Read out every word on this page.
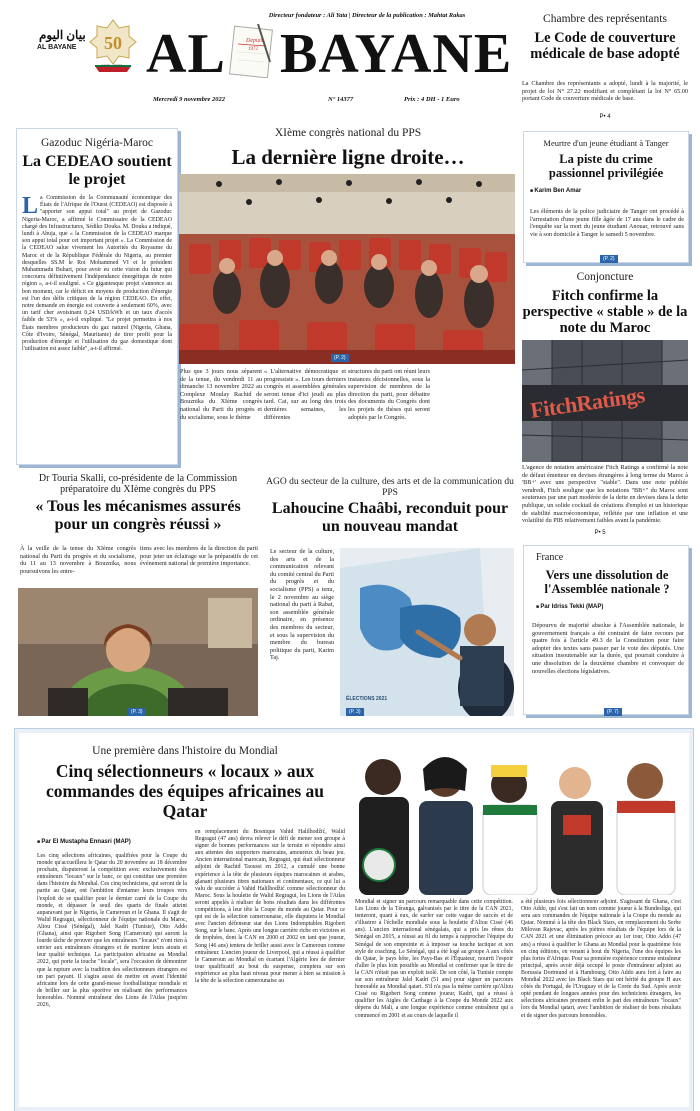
Directeur fondateur : Ali Yata | Directeur de la publication : Mahtat Rakas
بيان اليوم
AL BAYANE 50
1972 - 2022 AL	Depuis
1972 BAYANE
Mercredi 9 novembre 2022	N° 14377	Prix : 4 DH - 1 Euro
Chambre des représentants
Le Code de couverture médicale de base adopté
La Chambre des représentants a adopté, lundi à la majorité, le projet de loi N° 27.22 modifiant et complétant la loi N° 65.00 portant Code de couverture médicale de base.
P• 4
Gazoduc Nigéria-Maroc
La CEDEAO soutient le projet
La Commission de la Communauté économique des États de l'Afrique de l'Ouest (CEDEAO) est disposée à "apporter son appui total" au projet de Gazoduc Nigeria-Maroc, a affirmé le Commissaire de la CEDEAO chargé des Infrastructures, Sédiko Douka. M. Douka a indiqué, lundi à Abuja, que « la Commission de la CEDEAO marque son appui total pour cet important projet ». La Commission de la CEDEAO salue vivement les Autorités du Royaume du Maroc et de la République Fédérale du Nigeria, au premier desquelles SS.M le Roi Mohammed VI et le président Muhammadu Buhari, pour avoir eu cette vision du futur qui concourra définitivement l'indépendance énergétique de notre région », a-t-il souligné. « Ce gigantesque projet s'annonce au bon moment, car le déficit en moyens de production d'énergie est l'un des défis critiques de la région CEDEAO. En effet, notre demande en énergie est couverte à seulement 60%, avec un tarif cher avoisinant 0,24 USD/kWh et un taux d'accès faible de 53% », a-t-il expliqué. "Le projet permettra à nos États membres producteurs du gaz naturel (Nigeria, Ghana, Côte d'Ivoire, Sénégal, Mauritanie) de tirer profit pour la production d'énergie et l'utilisation du gaz domestique dont l'utilisation est assez faible", a-t-il affirmé.
XIème congrès national du PPS
La dernière ligne droite…
(P. 2)
Plus que 3 jours nous séparent de la tenue, du vendredi 11 au dimanche 13 novembre 2022 au Complexe Moulay Rachid de Bouznika du XIème congrès national du Parti du progrès et du socialisme, sous le thème
« L'alternative démocratique et progressiste ». Les tours derniers congrès et assemblées générales seront tenue d'ici jeudi au plus tard. Cat, sur au long des trois dernières semaines, les différentes
structures du parti ont réuni leurs instances décisionnelles, sous la supervision de membres de la direction du parti, pour débattre des documents du Congrès dont les projets de thèses qui seront adoptés par le Congrès.
Meurtre d'un jeune étudiant à Tanger
La piste du crime passionnel privilégiée
■ Karim Ben Amar
Les éléments de la police judiciaire de Tanger ont procédé à l'arrestation d'une jeune fille âgée de 17 ans dans le cadre de l'enquête sur la mort du jeune étudiant Anouar, retrouvé sans vie à son domicile à Tanger le samedi 5 novembre.
(P. 2)
Conjoncture
Fitch confirme la perspective « stable » de la note du Maroc
FitchRatings
L'agence de notation américaine Fitch Ratings a confirmé la note de défaut émetteur en devises étrangères à long terme du Maroc à 'BB+' avec une perspective "stable". Dans une note publiée vendredi, Fitch souligne que les notations "BB+" du Maroc sont soutenues par une part modérée de la dette en devises dans la dette publique, un solide cocktail de créations d'emploi et un historique de stabilité macroéconomique, reflétée par une inflation et une volatilité du PIB relativement faibles avant la pandémie.
P• 5
Dr Touria Skalli, co-présidente de la Commission préparatoire du XIème congrès du PPS
« Tous les mécanismes assurés pour un congrès réussi »
À la veille de la tenue du XIème congrès national du Parti du progrès et du socialisme, du 11 au 13 novembre à Bouznika, nous poursuivons les entre-
tiens avec les membres de la direction du parti pour jeter un éclairage sur la préparatifs de cet événement national de première importance.
(P. 3)
AGO du secteur de la culture, des arts et de la communication du PPS
Lahoucine Chaâbi, reconduit pour un nouveau mandat
Le secteur de la culture, des arts et de la communication relevant du comité central du Parti du progrès et du socialisme (PPS) a tenu, le 2 novembre au siège national du parti à Rabat, son assemblée générale ordinaire, en présence des membres du secteur, et sous la supervision du membre du bureau politique du parti, Karim Taj.
ÉLECTIONS 2021
(P. 3)
France
Vers une dissolution de l'Assemblée nationale ?
■ Par Idriss Tekki (MAP)
Dépourvu de majorité absolue à l'Assemblée nationale, le gouvernement français a été contraint de faire recours par quatre fois à l'article 49.3 de la Constitution pour faire adopter des textes sans passer par le vote des députés. Une situation insoutenable sur la durée, qui pourrait conduire à une dissolution de la deuxième chambre et convoquer de nouvelles élections législatives.
(P. 7)
Une première dans l'histoire du Mondial
Cinq sélectionneurs « locaux » aux commandes des équipes africaines au Qatar
■ Par El Mustapha Ennasri (MAP)
Les cinq sélections africaines, qualifiées pour la Coupe du monde qu'accueillera le Qatar du 20 novembre au 18 décembre prochain, disputeront la compétition avec exclusivement des entraîneurs "locaux" sur le banc, ce qui constitue une première dans l'histoire du Mondial. Ces cinq techniciens, qui seront de la partie au Qatar, ont l'ambition d'entamer leurs troupes vers l'exploit de se qualifier pour le dernier carré de la Coupe du monde, et dépasser le seuil des quarts de finale atteint auparavant par le Nigeria, le Cameroun et le Ghana. Il s'agit de Walid Regragui, sélectionneur de l'équipe nationale du Maroc, Aliou Cissé (Sénégal), Jalel Kadri (Tunisie), Otto Addo (Ghana), ainsi que Rigobert Song (Cameroun) qui auront la lourde tâche de prouver que les entraîneurs "locaux" n'ont rien à envier aux entraîneurs étrangers et de montrer leurs atouts et leur qualité technique. La participation africaine au Mondial 2022, qui porte la touche "locale", sera l'occasion de démontrer que la rupture avec la tradition des sélectionneurs étrangers est un pari payant. Il s'agira aussi de mettre en avant l'identité africaine lors de cette grand-messe footballistique mondiale et de briller sur la plus sportive en réalisant des performances honorables. Nommé entraîneur des Lions de l'Atlas jusqu'en 2026,
en remplacement du Bosnique Vahid Halilhodžić, Walid Regragui (47 ans) devra relever le défi de mener son groupe à signer de bonnes performances sur le terrain et répondre ainsi aux attentes des supporters marocains, amoureux du beau jeu. Ancien international marocain, Regragui, qui était sélectionneur adjoint de Rachid Taoussi en 2012, a cumulé une bonne expérience à la tête de plusieurs équipes marocaines et arabes, glanant plusieurs titres nationaux et continentaux, ce qui lui a valu de succéder à Vahid Halilhodžić comme sélectionneur du Maroc. Sous la houlette de Walid Regragui, les Lions de l'Atlas seront appelés à réaliser de bons résultats dans les différentes compétitions, à leur tête la Coupe du monde au Qatar. Pour ce qui est de la sélection camerounaise, elle disputera le Mondial avec l'ancien défenseur star des Lions Indomptables Rigobert Song, sur le banc. Après une longue carrière riche en victoires et de trophées, dont la CAN en 2000 et 2002 en tant que joueur, Song (46 ans) tentera de briller aussi avec le Cameroun comme entraîneur. L'ancien joueur de Liverpool, qui a réussi à qualifier le Cameroun au Mondial en écartant l'Algérie lors de dernier tour qualificatif au bout du suspense, comptera sur son expérience au plus haut niveau pour mener à bien sa mission à la tête de la sélection camerounaise au
Mondial et signer un parcours remarquable dans cette compétition. Les Lions de la Téranga, galvanisés par le titre de la CAN 2021, tenteront, quant à eux, de surfer sur cette vague de succès et de s'illustrer à l'échelle mondiale sous la houlette d'Aliou Cissé (46 ans). L'ancien international sénégalais, qui a pris les rênes du Sénégal en 2015, a réussi au fil du temps à rapprocher l'équipe du Sénégal de son empreinte et à imposer sa touche tactique et son style de coaching. Le Sénégal, qui a été logé au groupe A aux côtés du Qatar, le pays hôte, les Pays-Bas et l'Équateur, nourrit l'espoir d'aller le plus loin possible au Mondial et confirmer que le titre de la CAN n'était pas un exploit isolé. De son côté, la Tunisie compte sur son entraîneur Jalel Kadri (51 ans) pour signer un parcours honorable au Mondial qatari. S'il n'a pas la même carrière qu'Aliou Cissé ou Rigobert Song comme joueur, Kadri, qui a réussi à qualifier les Aigles de Carthage à la Coupe du Monde 2022 aux dépens du Mali, a une longue expérience comme entraîneur qui a commencé en 2001 et au cours de laquelle il
a été plusieurs fois sélectionneur adjoint. S'agissant du Ghana, c'est Otto Addo, qui s'est fait un nom comme joueur à la Bundesliga, qui sera aux commandes de l'équipe nationale à la Coupe du monde au Qatar. Nommé à la tête des Black Stars, en remplacement du Serbe Milovan Rajevac, après les piètres résultats de l'équipe lors de la CAN 2021 et une élimination précoce au 1er tour, Otto Addo (47 ans) a réussi à qualifier le Ghana au Mondial pour la quatrième fois en cinq éditions, en venant à bout du Nigeria, l'une des équipes les plus fortes d'Afrique. Pour sa première expérience comme entraîneur principal, après avoir déjà occupé le poste d'entraîneur adjoint au Borussia Dortmund et à Hambourg, Otto Addo aura fort à faire au Mondial 2022 avec les Black Stars qui ont hérité du groupe H aux côtés du Portugal, de l'Uruguay et de la Corée du Sud. Après avoir opté pendant de longues années pour des techniciens étrangers, les sélections africaines prennent enfin le pari des entraîneurs "locaux" lors du Mondial qatari, avec l'ambition de réaliser de bons résultats et de signer des parcours honorables.
